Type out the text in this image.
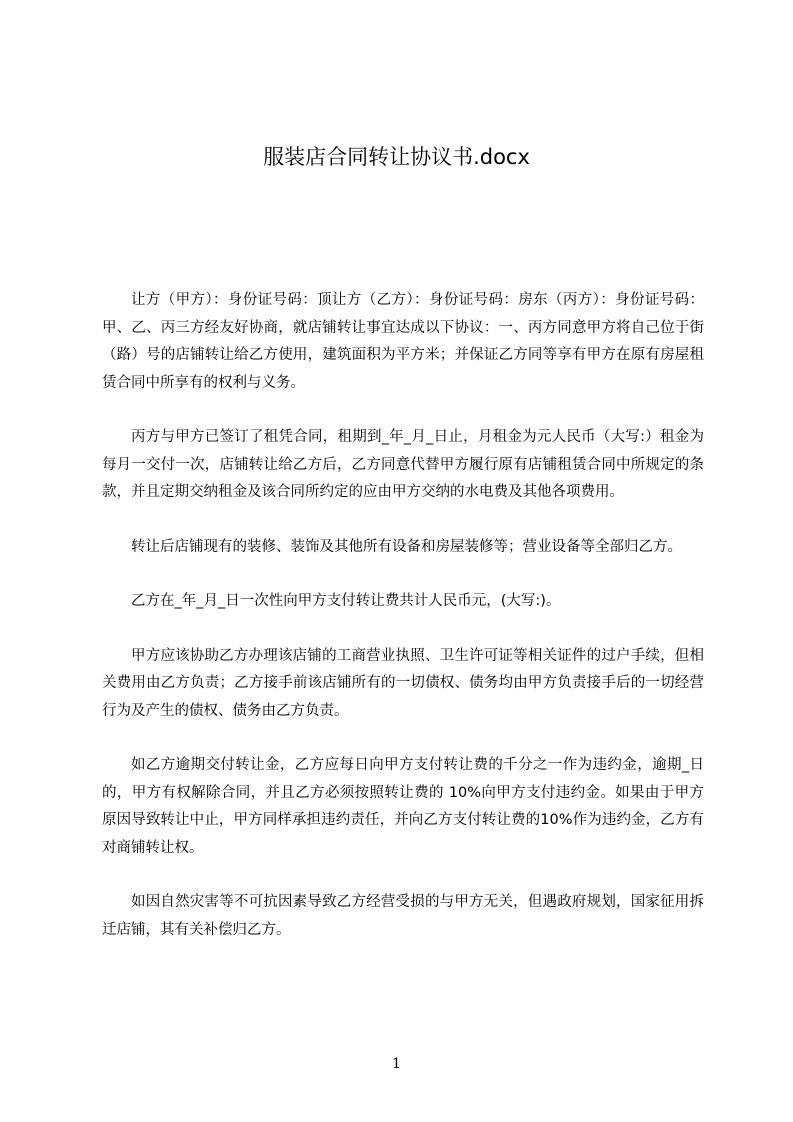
服装店合同转让协议书.docx

让方（甲方）：身份证号码：顶让方（乙方）：身份证号码：房东（丙方）：身份证号码：甲、乙、丙三方经友好协商，就店铺转让事宜达成以下协议：一、丙方同意甲方将自己位于街（路）号的店铺转让给乙方使用，建筑面积为平方米；并保证乙方同等享有甲方在原有房屋租赁合同中所享有的权利与义务。

丙方与甲方已签订了租凭合同，租期到_年_月_日止，月租金为元人民币（大写:）租金为每月一交付一次，店铺转让给乙方后，乙方同意代替甲方履行原有店铺租赁合同中所规定的条款，并且定期交纳租金及该合同所约定的应由甲方交纳的水电费及其他各项费用。

转让后店铺现有的装修、装饰及其他所有设备和房屋装修等；营业设备等全部归乙方。

乙方在_年_月_日一次性向甲方支付转让费共计人民币元，(大写:)。

甲方应该协助乙方办理该店铺的工商营业执照、卫生许可证等相关证件的过户手续，但相关费用由乙方负责；乙方接手前该店铺所有的一切债权、债务均由甲方负责接手后的一切经营行为及产生的债权、债务由乙方负责。

如乙方逾期交付转让金，乙方应每日向甲方支付转让费的千分之一作为违约金，逾期_日的，甲方有权解除合同，并且乙方必须按照转让费的 10%向甲方支付违约金。如果由于甲方原因导致转让中止，甲方同样承担违约责任，并向乙方支付转让费的10%作为违约金，乙方有对商铺转让权。

如因自然灾害等不可抗因素导致乙方经营受损的与甲方无关，但遇政府规划，国家征用拆迁店铺，其有关补偿归乙方。

1
